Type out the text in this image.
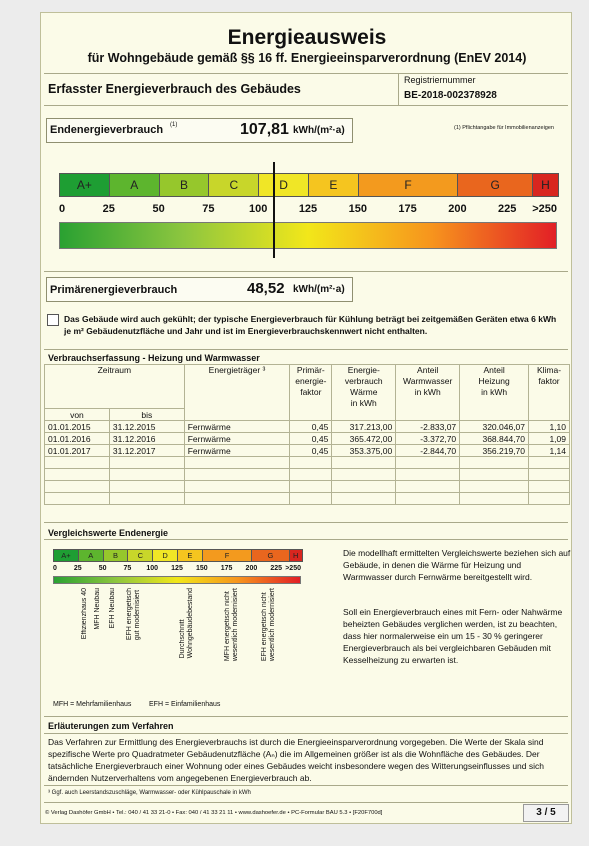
Energieausweis
für Wohngebäude gemäß §§ 16 ff. Energieeinsparverordnung (EnEV 2014)
Erfasster Energieverbrauch des Gebäudes
Registriernummer
BE-2018-002378928
Endenergieverbrauch (1)	107,81 kWh/(m²·a)	(1) Pflichtangabe für Immobilienanzeigen
A+	A	B	C	D	E	F	G	H
0	25	50	75	100	125	150	175	200	225	>250
Primärenergieverbrauch	48,52 kWh/(m²·a)
Das Gebäude wird auch gekühlt; der typische Energieverbrauch für Kühlung beträgt bei zeitgemäßen Geräten etwa 6 kWh je m² Gebäudenutzfläche und Jahr und ist im Energieverbrauchskennwert nicht enthalten.
Verbrauchserfassung - Heizung und Warmwasser
Zeitraum		Energieträger ³	Primär-
energie-
faktor	Energie-
verbrauch
Wärme
in kWh	Anteil
Warmwasser
in kWh	Anteil
Heizung
in kWh	Klima-
faktor
von	bis						
01.01.2015	31.12.2015	Fernwärme	0,45	317.213,00	-2.833,07	320.046,07	1,10
01.01.2016	31.12.2016	Fernwärme	0,45	365.472,00	-3.372,70	368.844,70	1,09
01.01.2017	31.12.2017	Fernwärme	0,45	353.375,00	-2.844,70	356.219,70	1,14

Vergleichswerte Endenergie
A+	A	B	C	D	E	F	G	H
0	25	50	75	100	125	150	175	200	225 >250
Effizienzhaus 40 MFH Neubau EFH Neubau
EFH energetisch
gut modernisiert
Durchschnitt
Wohngebäudebestand	MFH energetisch nicht
wesentlich modernisiert
EFH energetisch nicht
wesentlich modernisiert
Die modellhaft ermittelten Vergleichswerte beziehen sich auf Gebäude, in denen die Wärme für Heizung und Warmwasser durch Fernwärme bereitgestellt wird.
Soll ein Energieverbrauch eines mit Fern- oder Nahwärme beheizten Gebäudes verglichen werden, ist zu beachten, dass hier normalerweise ein um 15 - 30 % geringerer Energieverbrauch als bei vergleichbaren Gebäuden mit Kesselheizung zu erwarten ist.
MFH = Mehrfamilienhaus	EFH = Einfamilienhaus
Erläuterungen zum Verfahren
Das Verfahren zur Ermittlung des Energieverbrauchs ist durch die Energieeinsparverordnung vorgegeben. Die Werte der Skala sind spezifische Werte pro Quadratmeter Gebäudenutzfläche (Aₙ) die im Allgemeinen größer ist als die Wohnfläche des Gebäudes. Der tatsächliche Energieverbrauch einer Wohnung oder eines Gebäudes weicht insbesondere wegen des Witterungseinflusses und sich ändernden Nutzerverhaltens vom angegebenen Energieverbrauch ab.
³ Ggf. auch Leerstandszuschläge, Warmwasser- oder Kühlpauschale in kWh
© Verlag Dashöfer GmbH • Tel.: 040 / 41 33 21-0 • Fax: 040 / 41 33 21 11 • www.dashoefer.de • PC-Formular BAU 5.3 • [F20F700d]	3 / 5
